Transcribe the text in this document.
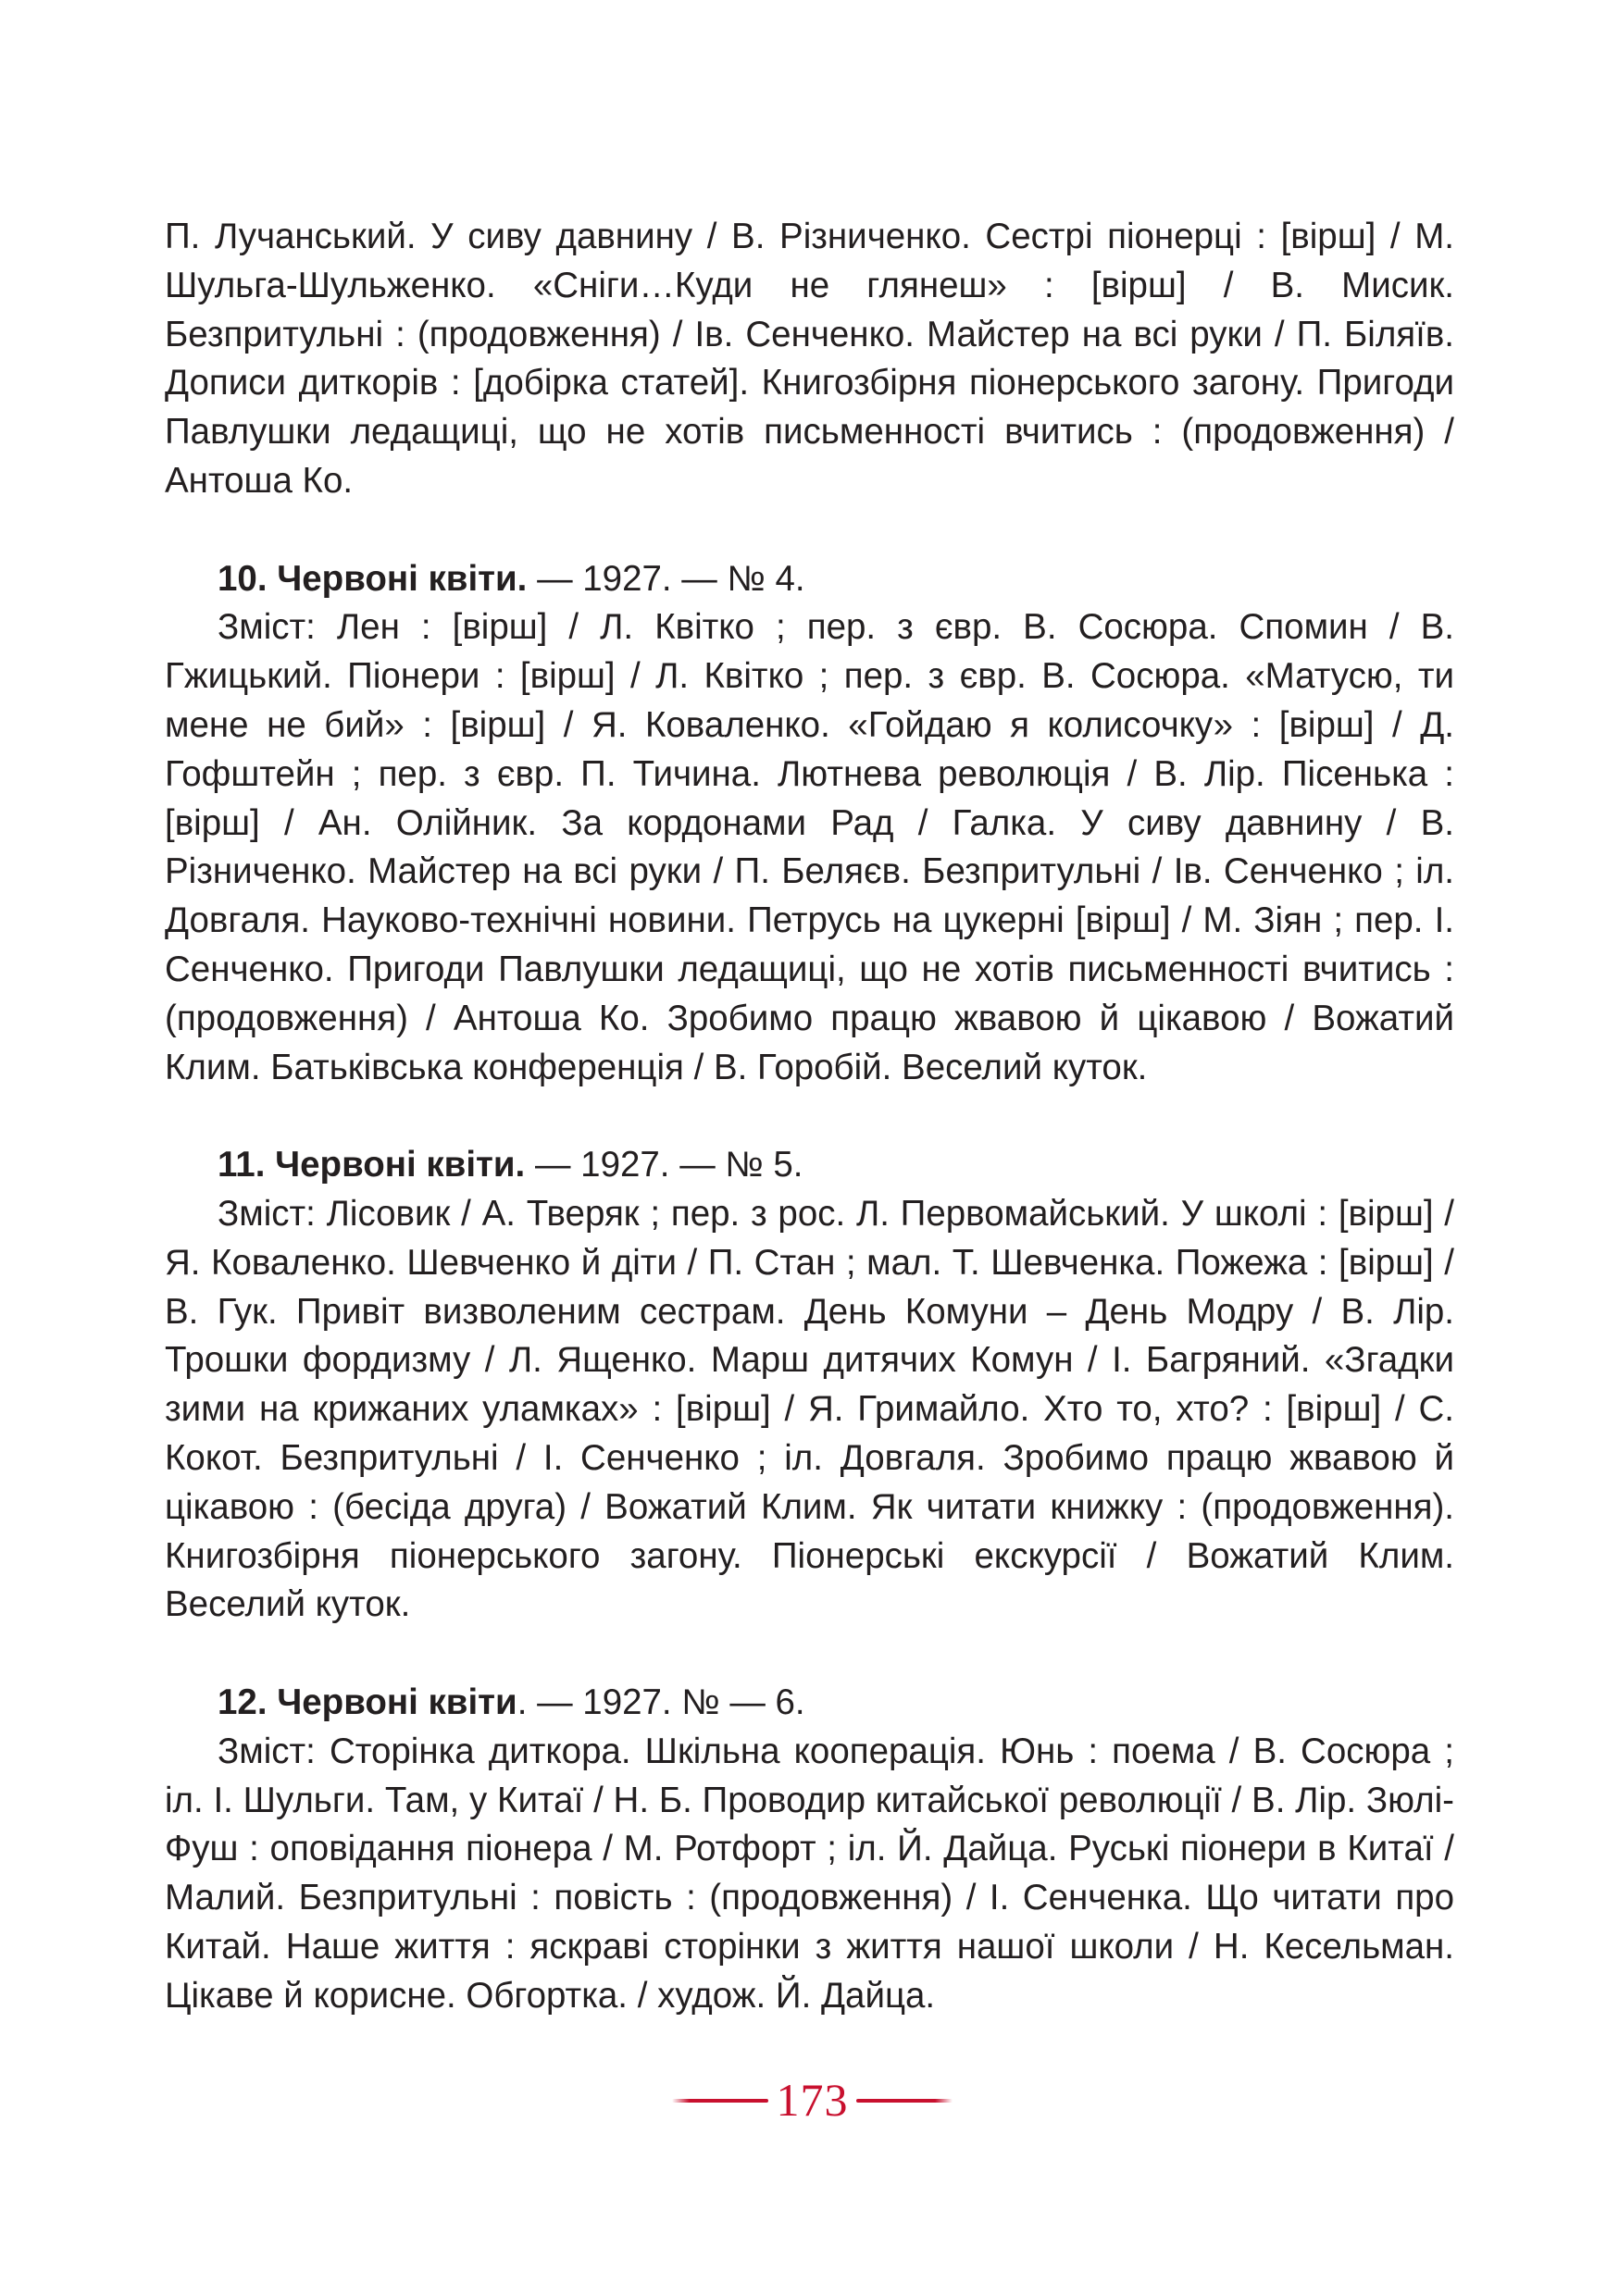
П. Лучанський. У сиву давнину / В. Різниченко. Сестрі піонерці : [вірш] / М. Шульга-Шульженко. «Сніги…Куди не глянеш» : [вірш] / В. Мисик. Безпритульні : (продовження) / Ів. Сенченко. Майстер на всі руки / П. Біляїв. Дописи диткорів : [добірка статей]. Книгозбірня піонерського загону. Пригоди Павлушки ледащиці, що не хотів письменності вчитись : (продовження) / Антоша Ко.

10. Червоні квіти. — 1927. — № 4.

Зміст: Лен : [вірш] / Л. Квітко ; пер. з євр. В. Сосюра. Спомин / В. Гжицький. Піонери : [вірш] / Л. Квітко ; пер. з євр. В. Сосюра. «Матусю, ти мене не бий» : [вірш] / Я. Коваленко. «Гойдаю я колисочку» : [вірш] / Д. Гофштейн ; пер. з євр. П. Тичина. Лютнева революція / В. Лір. Пісенька : [вірш] / Ан. Олійник. За кордонами Рад / Галка. У сиву давнину / В. Різниченко. Майстер на всі руки / П. Беляєв. Безпритульні / Ів. Сенченко ; іл. Довгаля. Науково-технічні новини. Петрусь на цукерні [вірш] / М. Зіян ; пер. І. Сенченко. Пригоди Павлушки ледащиці, що не хотів письменності вчитись : (продовження) / Антоша Ко. Зробимо працю жвавою й цікавою / Вожатий Клим. Батьківська конференція / В. Горобій. Веселий куток.

11. Червоні квіти. — 1927. — № 5.

Зміст: Лісовик / А. Тверяк ; пер. з рос. Л. Первомайський. У школі : [вірш] / Я. Коваленко. Шевченко й діти / П. Стан ; мал. Т. Шевченка. Пожежа : [вірш] / В. Гук. Привіт визволеним сестрам. День Комуни – День Модру / В. Лір. Трошки фордизму / Л. Ященко. Марш дитячих Комун / І. Багряний. «Згадки зими на крижаних уламках» : [вірш] / Я. Гримайло. Хто то, хто? : [вірш] / С. Кокот. Безпритульні / І. Сенченко ; іл. Довгаля. Зробимо працю жвавою й цікавою : (бесіда друга) / Вожатий Клим. Як читати книжку : (продовження). Книгозбірня піонерського загону. Піонерські екскурсії / Вожатий Клим. Веселий куток.

12. Червоні квіти. — 1927. № — 6.

Зміст: Сторінка диткора. Шкільна кооперація. Юнь : поема / В. Сосюра ; іл. І. Шульги. Там, у Китаї / Н. Б. Проводир китайської революції / В. Лір. Зюлі-Фуш : оповідання піонера / М. Ротфорт ; іл. Й. Дайца. Руські піонери в Китаї / Малий. Безпритульні : повість : (продовження) / І. Сенченка. Що читати про Китай. Наше життя : яскраві сторінки з життя нашої школи / Н. Кесельман. Цікаве й корисне. Обгортка. / худож. Й. Дайца.

173
